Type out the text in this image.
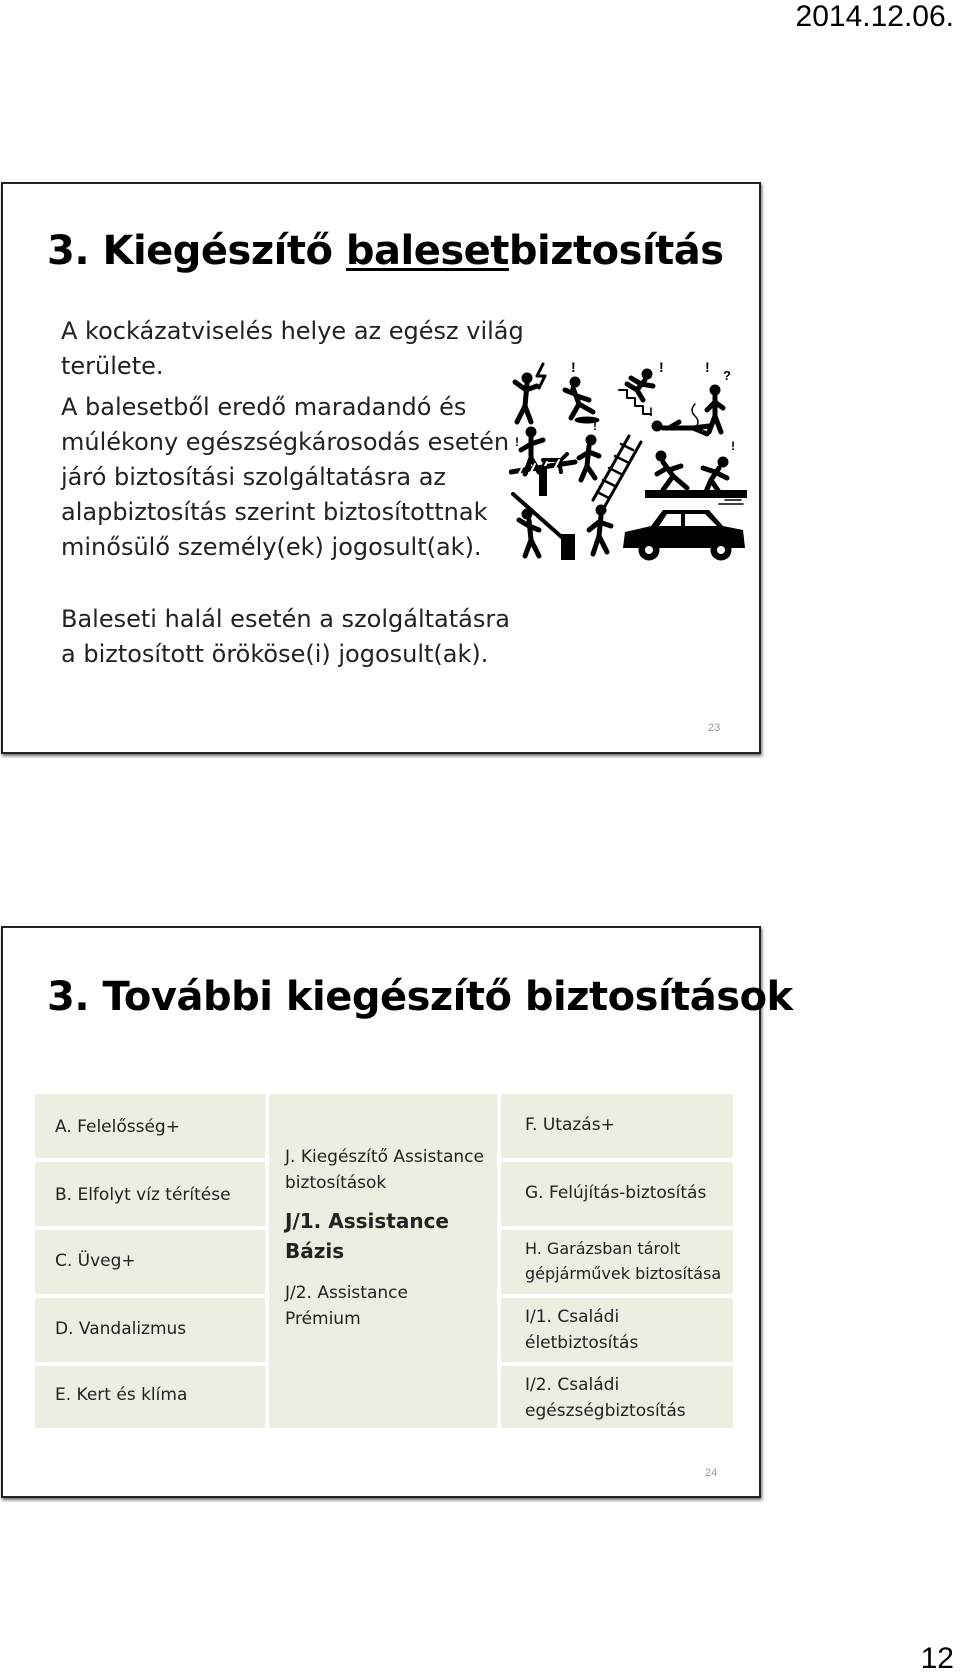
2014.12.06.
3. Kiegészítő balesetbiztosítás

A kockázatviselés helye az egész világ területe.

A balesetből eredő maradandó és múlékony egészségkárosodás esetén járó biztosítási szolgáltatásra az alapbiztosítás szerint biztosítottnak minősülő személy(ek) jogosult(ak).

Baleseti halál esetén a szolgáltatásra a biztosított örököse(i) jogosult(ak).

!	!	!
?
!
!
!
!
23
3. További kiegészítő biztosítások
A. Felelősség+
B. Elfolyt víz térítése
C. Üveg+
D. Vandalizmus
E. Kert és klíma
J. Kiegészítő Assistance biztosítások
J/1. Assistance Bázis
J/2. Assistance Prémium
F. Utazás+
G. Felújítás-biztosítás
H. Garázsban tárolt gépjárművek biztosítása
I/1. Családi életbiztosítás
I/2. Családi egészségbiztosítás
24
12
